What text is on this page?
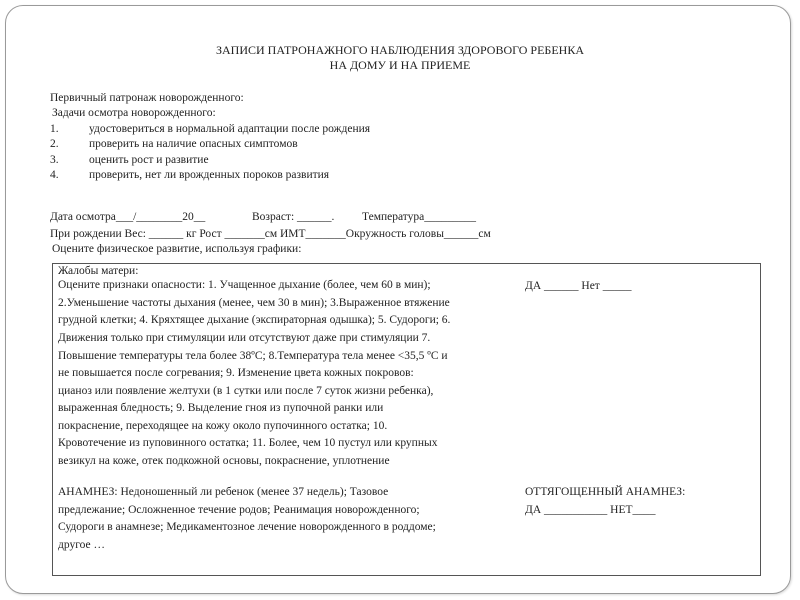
ЗАПИСИ ПАТРОНАЖНОГО НАБЛЮДЕНИЯ ЗДОРОВОГО РЕБЕНКА
НА ДОМУ И НА ПРИЕМЕ
Первичный патронаж новорожденного:
Задачи осмотра новорожденного:
1.	удостовериться в нормальной адаптации после рождения
2.	проверить на наличие опасных симптомов
3.	оценить рост и развитие
4.	проверить, нет ли врожденных пороков развития
Дата осмотра___/________20__	Возраст: ______. Температура_________
При рождении Вес: ______ кг Рост _______см ИМТ_______Окружность головы______см
Оцените физическое развитие, используя графики:
Жалобы матери:
Оцените признаки опасности: 1. Учащенное дыхание (более, чем 60 в мин);
2.Уменьшение частоты дыхания (менее, чем 30 в мин); 3.Выраженное втяжение
грудной клетки; 4. Кряхтящее дыхание (экспираторная одышка); 5. Судороги; 6.
Движения только при стимуляции или отсутствуют даже при стимуляции 7.
Повышение температуры тела более 38ºС; 8.Температура тела менее <35,5 ºС и
не повышается после согревания; 9. Изменение цвета кожных покровов:
цианоз или появление желтухи (в 1 сутки или после 7 суток жизни ребенка),
выраженная бледность; 9. Выделение гноя из пупочной ранки или
покраснение, переходящее на кожу около пупочинного остатка; 10.
Кровотечение из пуповинного остатка; 11. Более, чем 10 пустул или крупных
везикул на коже, отек подкожной основы, покраснение, уплотнение
ДА ______ Нет _____
АНАМНЕЗ: Недоношенный ли ребенок (менее 37 недель); Тазовое
предлежание; Осложненное течение родов; Реанимация новорожденного;
Судороги в анамнезе; Медикаментозное лечение новорожденного в роддоме;
другое …
ОТТЯГОЩЕННЫЙ АНАМНЕЗ:
ДА ___________ НЕТ____
